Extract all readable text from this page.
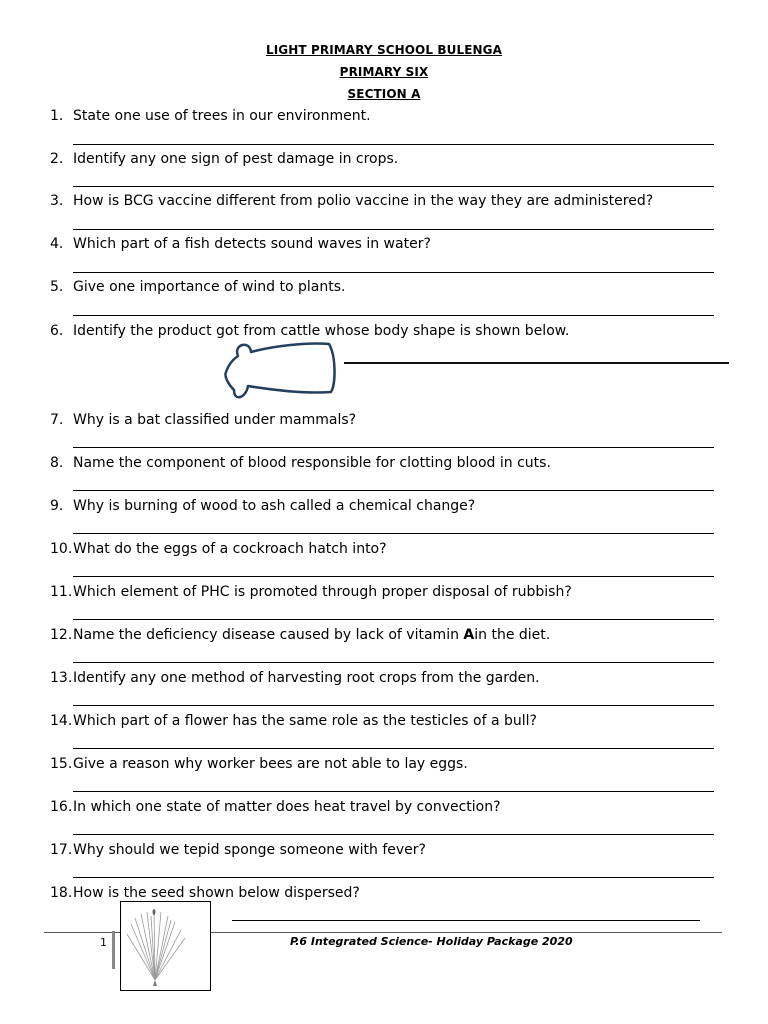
LIGHT PRIMARY SCHOOL BULENGA
PRIMARY SIX
SECTION A
1. State one use of trees in our environment.
2. Identify any one sign of pest damage in crops.
3. How is BCG vaccine different from polio vaccine in the way they are administered?
4. Which part of a fish detects sound waves in water?
5. Give one importance of wind to plants.
6. Identify the product got from cattle whose body shape is shown below.
7. Why is a bat classified under mammals?
8. Name the component of blood responsible for clotting blood in cuts.
9. Why is burning of wood to ash called a chemical change?
10.What do the eggs of a cockroach hatch into?
11.Which element of PHC is promoted through proper disposal of rubbish?
12.Name the deficiency disease caused by lack of vitamin Ain the diet.
13.Identify any one method of harvesting root crops from the garden.
14.Which part of a flower has the same role as the testicles of a bull?
15.Give a reason why worker bees are not able to lay eggs.
16.In which one state of matter does heat travel by convection?
17.Why should we tepid sponge someone with fever?
18.How is the seed shown below dispersed?
1	P.6 Integrated Science- Holiday Package 2020
